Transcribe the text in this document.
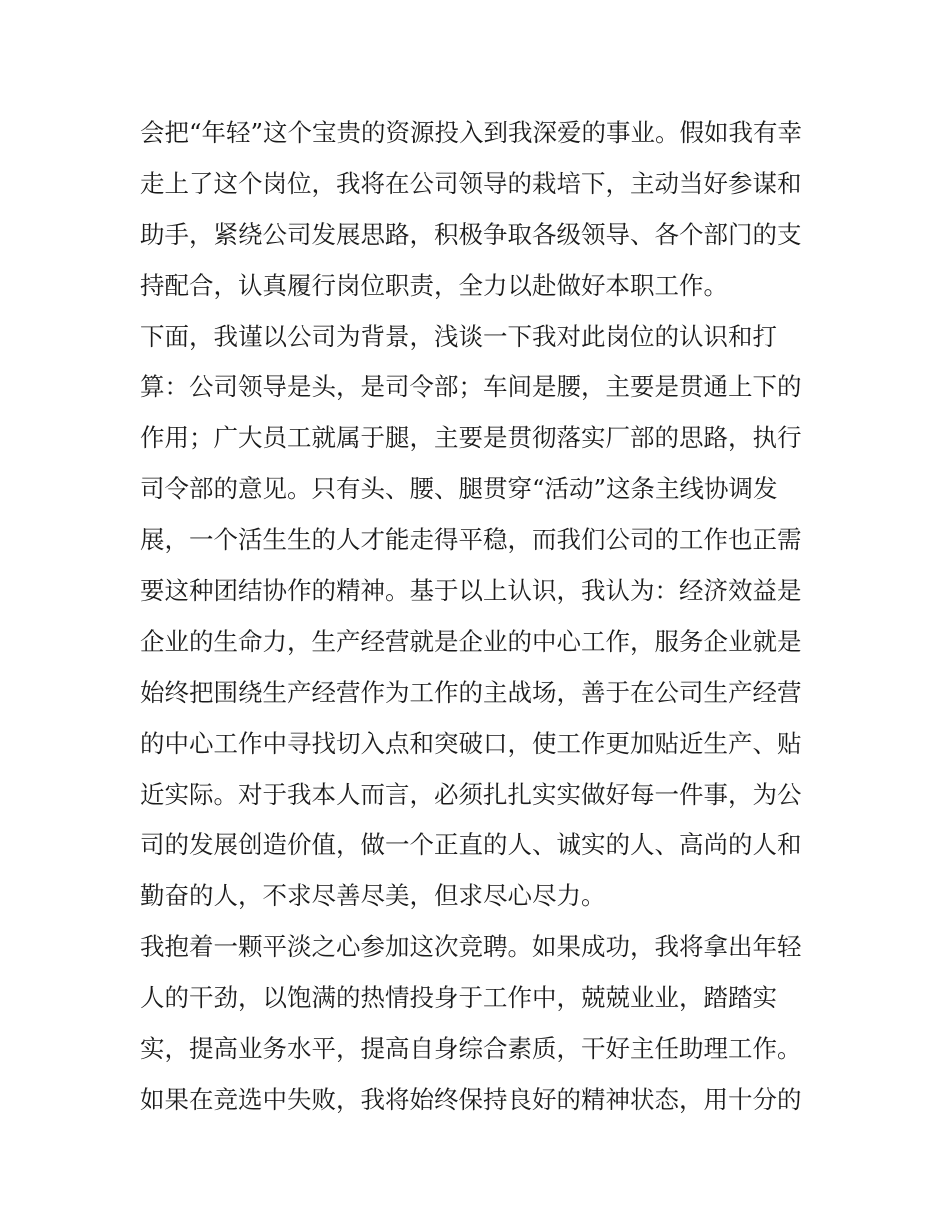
会把“年轻”这个宝贵的资源投入到我深爱的事业。假如我有幸
走上了这个岗位，我将在公司领导的栽培下，主动当好参谋和
助手，紧绕公司发展思路，积极争取各级领导、各个部门的支
持配合，认真履行岗位职责，全力以赴做好本职工作。
下面，我谨以公司为背景，浅谈一下我对此岗位的认识和打
算：公司领导是头，是司令部；车间是腰，主要是贯通上下的
作用；广大员工就属于腿，主要是贯彻落实厂部的思路，执行
司令部的意见。只有头、腰、腿贯穿“活动”这条主线协调发
展，一个活生生的人才能走得平稳，而我们公司的工作也正需
要这种团结协作的精神。基于以上认识，我认为：经济效益是
企业的生命力，生产经营就是企业的中心工作，服务企业就是
始终把围绕生产经营作为工作的主战场，善于在公司生产经营
的中心工作中寻找切入点和突破口，使工作更加贴近生产、贴
近实际。对于我本人而言，必须扎扎实实做好每一件事，为公
司的发展创造价值，做一个正直的人、诚实的人、高尚的人和
勤奋的人，不求尽善尽美，但求尽心尽力。
我抱着一颗平淡之心参加这次竞聘。如果成功，我将拿出年轻
人的干劲，以饱满的热情投身于工作中，兢兢业业，踏踏实
实，提高业务水平，提高自身综合素质，干好主任助理工作。
如果在竞选中失败，我将始终保持良好的精神状态，用十分的
